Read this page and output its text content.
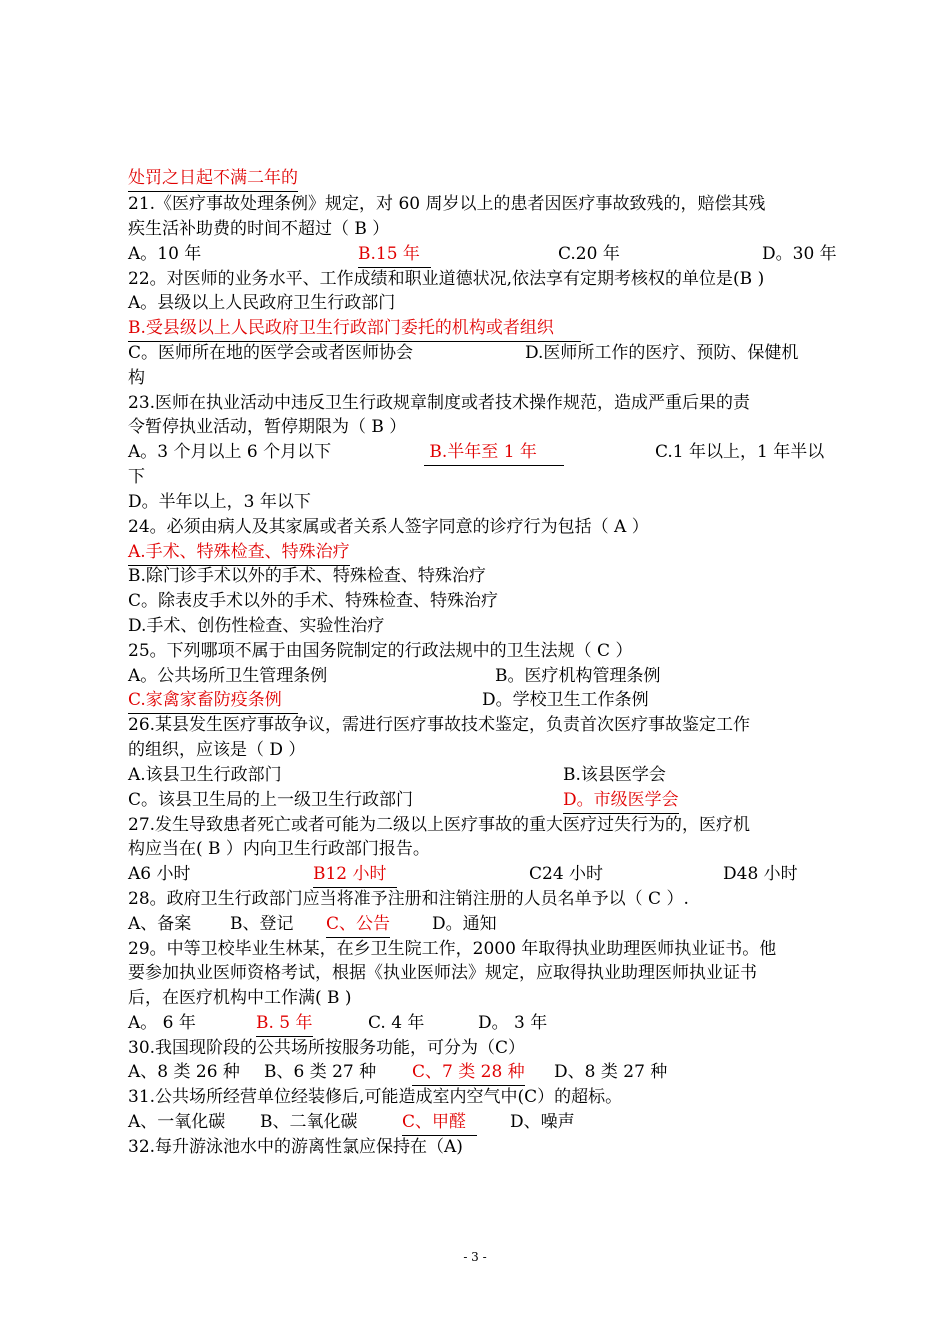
处罚之日起不满二年的
21.《医疗事故处理条例》规定，对 60 周岁以上的患者因医疗事故致残的，赔偿其残
疾生活补助费的时间不超过（ B ）
A。10 年	B.15 年	C.20 年	D。30 年
22。对医师的业务水平、工作成绩和职业道德状况,依法享有定期考核权的单位是(B )
A。县级以上人民政府卫生行政部门
B.受县级以上人民政府卫生行政部门委托的机构或者组织
C。医师所在地的医学会或者医师协会	D.医师所工作的医疗、预防、保健机
构
23.医师在执业活动中违反卫生行政规章制度或者技术操作规范，造成严重后果的责
令暂停执业活动，暂停期限为（ B ）
A。3 个月以上 6 个月以下	B.半年至 1 年	C.1 年以上，1 年半以
下
D。半年以上，3 年以下
24。必须由病人及其家属或者关系人签字同意的诊疗行为包括（ A ）
A.手术、特殊检查、特殊治疗
B.除门诊手术以外的手术、特殊检查、特殊治疗
C。除表皮手术以外的手术、特殊检查、特殊治疗
D.手术、创伤性检查、实验性治疗
25。下列哪项不属于由国务院制定的行政法规中的卫生法规（ C ）
A。公共场所卫生管理条例	B。医疗机构管理条例
C.家禽家畜防疫条例	D。学校卫生工作条例
26.某县发生医疗事故争议，需进行医疗事故技术鉴定，负责首次医疗事故鉴定工作
的组织，应该是（ D ）
A.该县卫生行政部门	B.该县医学会
C。该县卫生局的上一级卫生行政部门	D。市级医学会
27.发生导致患者死亡或者可能为二级以上医疗事故的重大医疗过失行为的，医疗机
构应当在( B ）内向卫生行政部门报告。
A6 小时	B12 小时	C24 小时	D48 小时
28。政府卫生行政部门应当将准予注册和注销注册的人员名单予以（ C ）.
A、备案 B、登记 C、公告 D。通知
29。中等卫校毕业生林某，在乡卫生院工作，2000 年取得执业助理医师执业证书。他
要参加执业医师资格考试，根据《执业医师法》规定，应取得执业助理医师执业证书
后，在医疗机构中工作满( B )
A。 6 年	B. 5 年	C. 4 年	D。 3 年
30.我国现阶段的公共场所按服务功能，可分为（C）
A、8 类 26 种 B、6 类 27 种 C、7 类 28 种 D、8 类 27 种
31.公共场所经营单位经装修后,可能造成室内空气中(C）的超标。
A、一氧化碳 B、二氧化碳	C、甲醛	D、噪声
32.每升游泳池水中的游离性氯应保持在（A)
- 3 -
